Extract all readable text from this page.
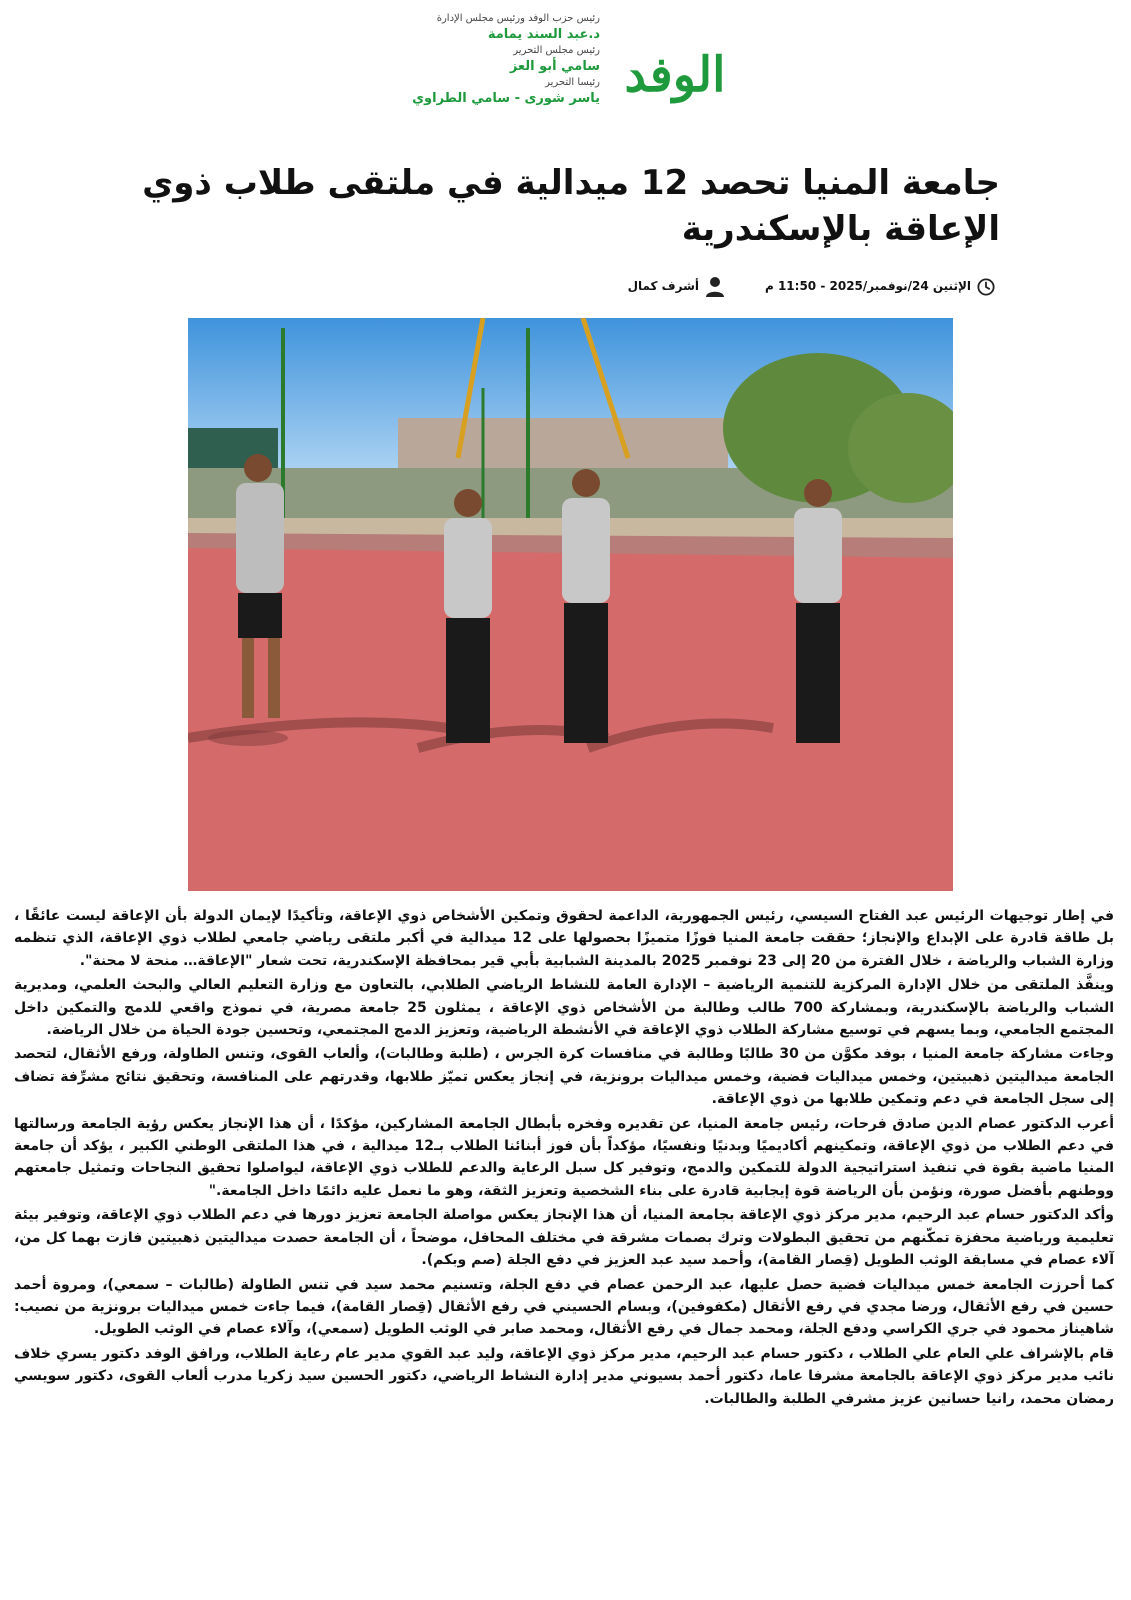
رئيس حزب الوفد ورئيس مجلس الإدارة
د.عبد السند يمامة
رئيس مجلس التحرير
سامي أبو العز
رئيسا التحرير
ياسر شورى - سامي الطراوي الوفد
جامعة المنيا تحصد 12 ميدالية في ملتقى طلاب ذوي الإعاقة بالإسكندرية
الإثنين 24/نوفمبر/2025 - 11:50 م
أشرف كمال

في إطار توجيهات الرئيس عبد الفتاح السيسي، رئيس الجمهورية، الداعمة لحقوق وتمكين الأشخاص ذوي الإعاقة، وتأكيدًا لإيمان الدولة بأن الإعاقة ليست عائقًا ، بل طاقة قادرة على الإبداع والإنجاز؛ حققت جامعة المنيا فوزًا متميزًا بحصولها على 12 ميدالية في أكبر ملتقى رياضي جامعي لطلاب ذوي الإعاقة، الذي تنظمه وزارة الشباب والرياضة ، خلال الفترة من 20 إلى 23 نوفمبر 2025 بالمدينة الشبابية بأبي قير بمحافظة الإسكندرية، تحت شعار "الإعاقة… منحة لا محنة".

وينفَّذ الملتقى من خلال الإدارة المركزية للتنمية الرياضية – الإدارة العامة للنشاط الرياضي الطلابي، بالتعاون مع وزارة التعليم العالي والبحث العلمي، ومديرية الشباب والرياضة بالإسكندرية، وبمشاركة 700 طالب وطالبة من الأشخاص ذوي الإعاقة ، يمثلون 25 جامعة مصرية، في نموذج واقعي للدمج والتمكين داخل المجتمع الجامعي، وبما يسهم في توسيع مشاركة الطلاب ذوي الإعاقة في الأنشطة الرياضية، وتعزيز الدمج المجتمعي، وتحسين جودة الحياة من خلال الرياضة.

وجاءت مشاركة جامعة المنيا ، بوفد مكوَّن من 30 طالبًا وطالبة في منافسات كرة الجرس ، (طلبة وطالبات)، وألعاب القوى، وتنس الطاولة، ورفع الأثقال، لتحصد الجامعة ميداليتين ذهبيتين، وخمس ميداليات فضية، وخمس ميداليات برونزية، في إنجاز يعكس تميّز طلابها، وقدرتهم على المنافسة، وتحقيق نتائج مشرِّفة تضاف إلى سجل الجامعة في دعم وتمكين طلابها من ذوي الإعاقة.

أعرب الدكتور عصام الدين صادق فرحات، رئيس جامعة المنيا، عن تقديره وفخره بأبطال الجامعة المشاركين، مؤكدًا ، أن هذا الإنجاز يعكس رؤية الجامعة ورسالتها في دعم الطلاب من ذوي الإعاقة، وتمكينهم أكاديميًا وبدنيًا ونفسيًا، مؤكداً بأن فوز أبنائنا الطلاب بـ12 ميدالية ، في هذا الملتقى الوطني الكبير ، يؤكد أن جامعة المنيا ماضية بقوة في تنفيذ استراتيجية الدولة للتمكين والدمج، وتوفير كل سبل الرعاية والدعم للطلاب ذوي الإعاقة، ليواصلوا تحقيق النجاحات وتمثيل جامعتهم ووطنهم بأفضل صورة، ونؤمن بأن الرياضة قوة إيجابية قادرة على بناء الشخصية وتعزيز الثقة، وهو ما نعمل عليه دائمًا داخل الجامعة."

وأكد الدكتور حسام عبد الرحيم، مدير مركز ذوي الإعاقة بجامعة المنيا، أن هذا الإنجاز يعكس مواصلة الجامعة تعزيز دورها في دعم الطلاب ذوي الإعاقة، وتوفير بيئة تعليمية ورياضية محفزة تمكّنهم من تحقيق البطولات وترك بصمات مشرقة في مختلف المحافل، موضحاً ، أن الجامعة حصدت ميداليتين ذهبيتين فازت بهما كل من، آلاء عصام في مسابقة الوثب الطويل (قِصار القامة)، وأحمد سيد عبد العزيز في دفع الجلة (صم وبكم).

كما أحرزت الجامعة خمس ميداليات فضية حصل عليها، عبد الرحمن عصام في دفع الجلة، وتسنيم محمد سيد في تنس الطاولة (طالبات – سمعي)، ومروة أحمد حسين في رفع الأثقال، ورضا مجدي في رفع الأثقال (مكفوفين)، وبسام الحسيني في رفع الأثقال (قِصار القامة)، فيما جاءت خمس ميداليات برونزية من نصيب: شاهيناز محمود في جري الكراسي ودفع الجلة، ومحمد جمال في رفع الأثقال، ومحمد صابر في الوثب الطويل (سمعي)، وآلاء عصام في الوثب الطويل.

قام بالإشراف علي العام علي الطلاب ، دكتور حسام عبد الرحيم، مدير مركز ذوي الإعاقة، وليد عبد القوي مدير عام رعاية الطلاب، ورافق الوفد دكتور يسري خلاف نائب مدير مركز ذوي الإعاقة بالجامعة مشرفا عاما، دكتور أحمد بسيوني مدير إدارة النشاط الرياضي، دكتور الحسين سيد زكريا مدرب ألعاب القوى، دكتور سويسي رمضان محمد، رانيا حسانين عزيز مشرفي الطلبة والطالبات.
